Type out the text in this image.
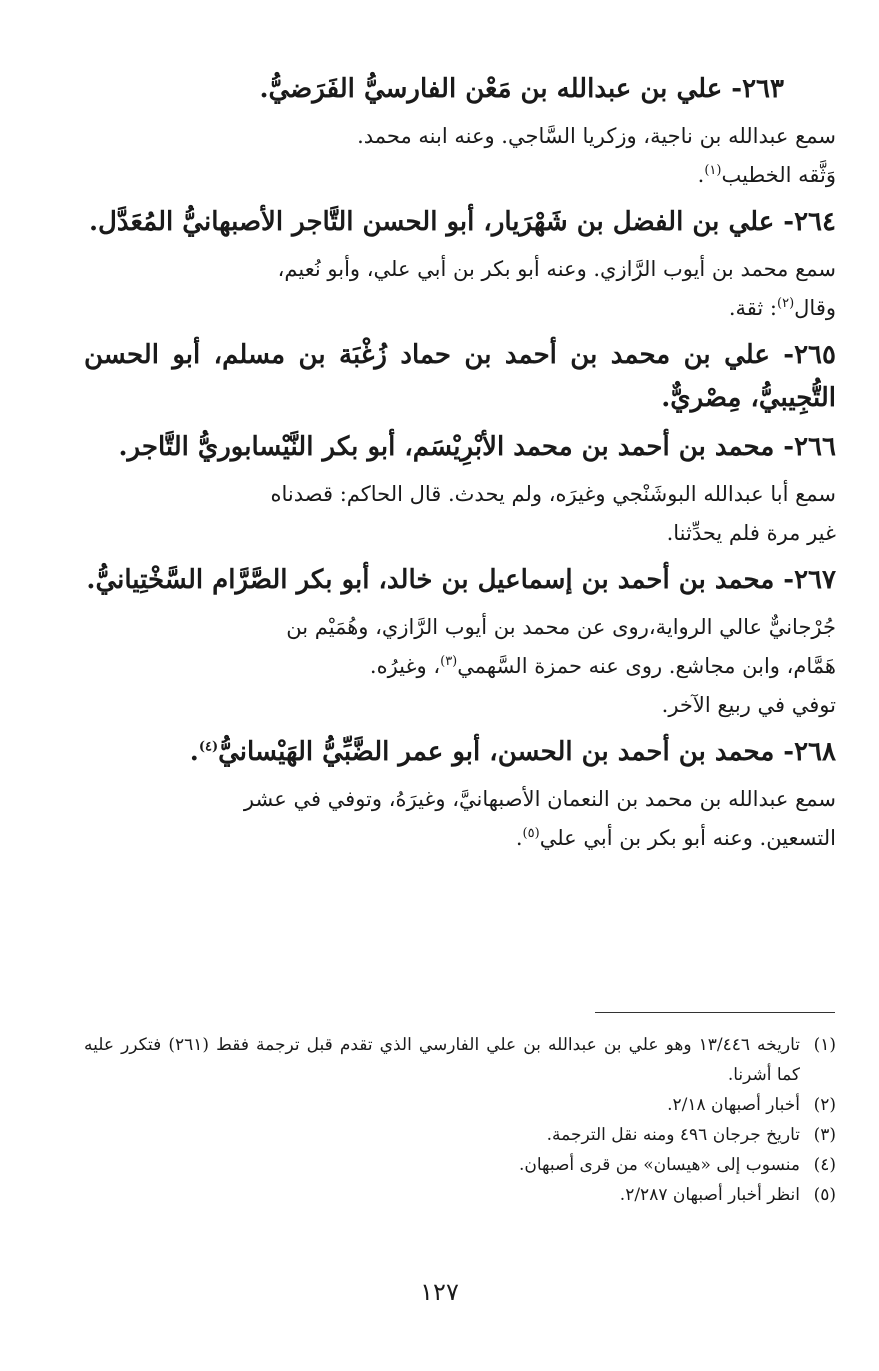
٢٦٣- علي بن عبدالله بن مَعْن الفارسيُّ الفَرَضيُّ.

سمع عبدالله بن ناجية، وزكريا السَّاجي. وعنه ابنه محمد.
وَثَّقه الخطيب$^{(١)}$.

٢٦٤- علي بن الفضل بن شَهْرَيار، أبو الحسن التَّاجر الأصبهانيُّ المُعَدَّل.

سمع محمد بن أيوب الرَّازي. وعنه أبو بكر بن أبي علي، وأبو نُعيم،
وقال$^{(٢)}$: ثقة.

٢٦٥- علي بن محمد بن أحمد بن حماد زُغْبَة بن مسلم، أبو الحسن التُّجِيبيُّ، مِصْريٌّ.

٢٦٦- محمد بن أحمد بن محمد الأبْرِيْسَم، أبو بكر النَّيْسابوريُّ التَّاجر.

سمع أبا عبدالله البوشَنْجي وغيرَه، ولم يحدث. قال الحاكم: قصدناه
غير مرة فلم يحدِّثنا.

٢٦٧- محمد بن أحمد بن إسماعيل بن خالد، أبو بكر الصَّرَّام السَّخْتِيانيُّ.

جُرْجانيٌّ عالي الرواية،روى عن محمد بن أيوب الرَّازي، وهُمَيْم بن
هَمَّام، وابن مجاشع. روى عنه حمزة السَّهمي$^{(٣)}$، وغيرُه.
توفي في ربيع الآخر.

٢٦٨- محمد بن أحمد بن الحسن، أبو عمر الضَّبِّيُّ الهَيْسانيُّ$^{(٤)}$.

سمع عبدالله بن محمد بن النعمان الأصبهانيَّ، وغيرَهُ، وتوفي في عشر
التسعين. وعنه أبو بكر بن أبي علي$^{(٥)}$.

(١)
تاريخه ١٣/٤٤٦ وهو علي بن عبدالله بن علي الفارسي الذي تقدم قبل ترجمة فقط (٢٦١) فتكرر عليه كما أشرنا.
(٢)
أخبار أصبهان ٢/١٨.
(٣)
تاريخ جرجان ٤٩٦ ومنه نقل الترجمة.
(٤)
منسوب إلى «هيسان» من قرى أصبهان.
(٥)
انظر أخبار أصبهان ٢/٢٨٧.
١٢٧
